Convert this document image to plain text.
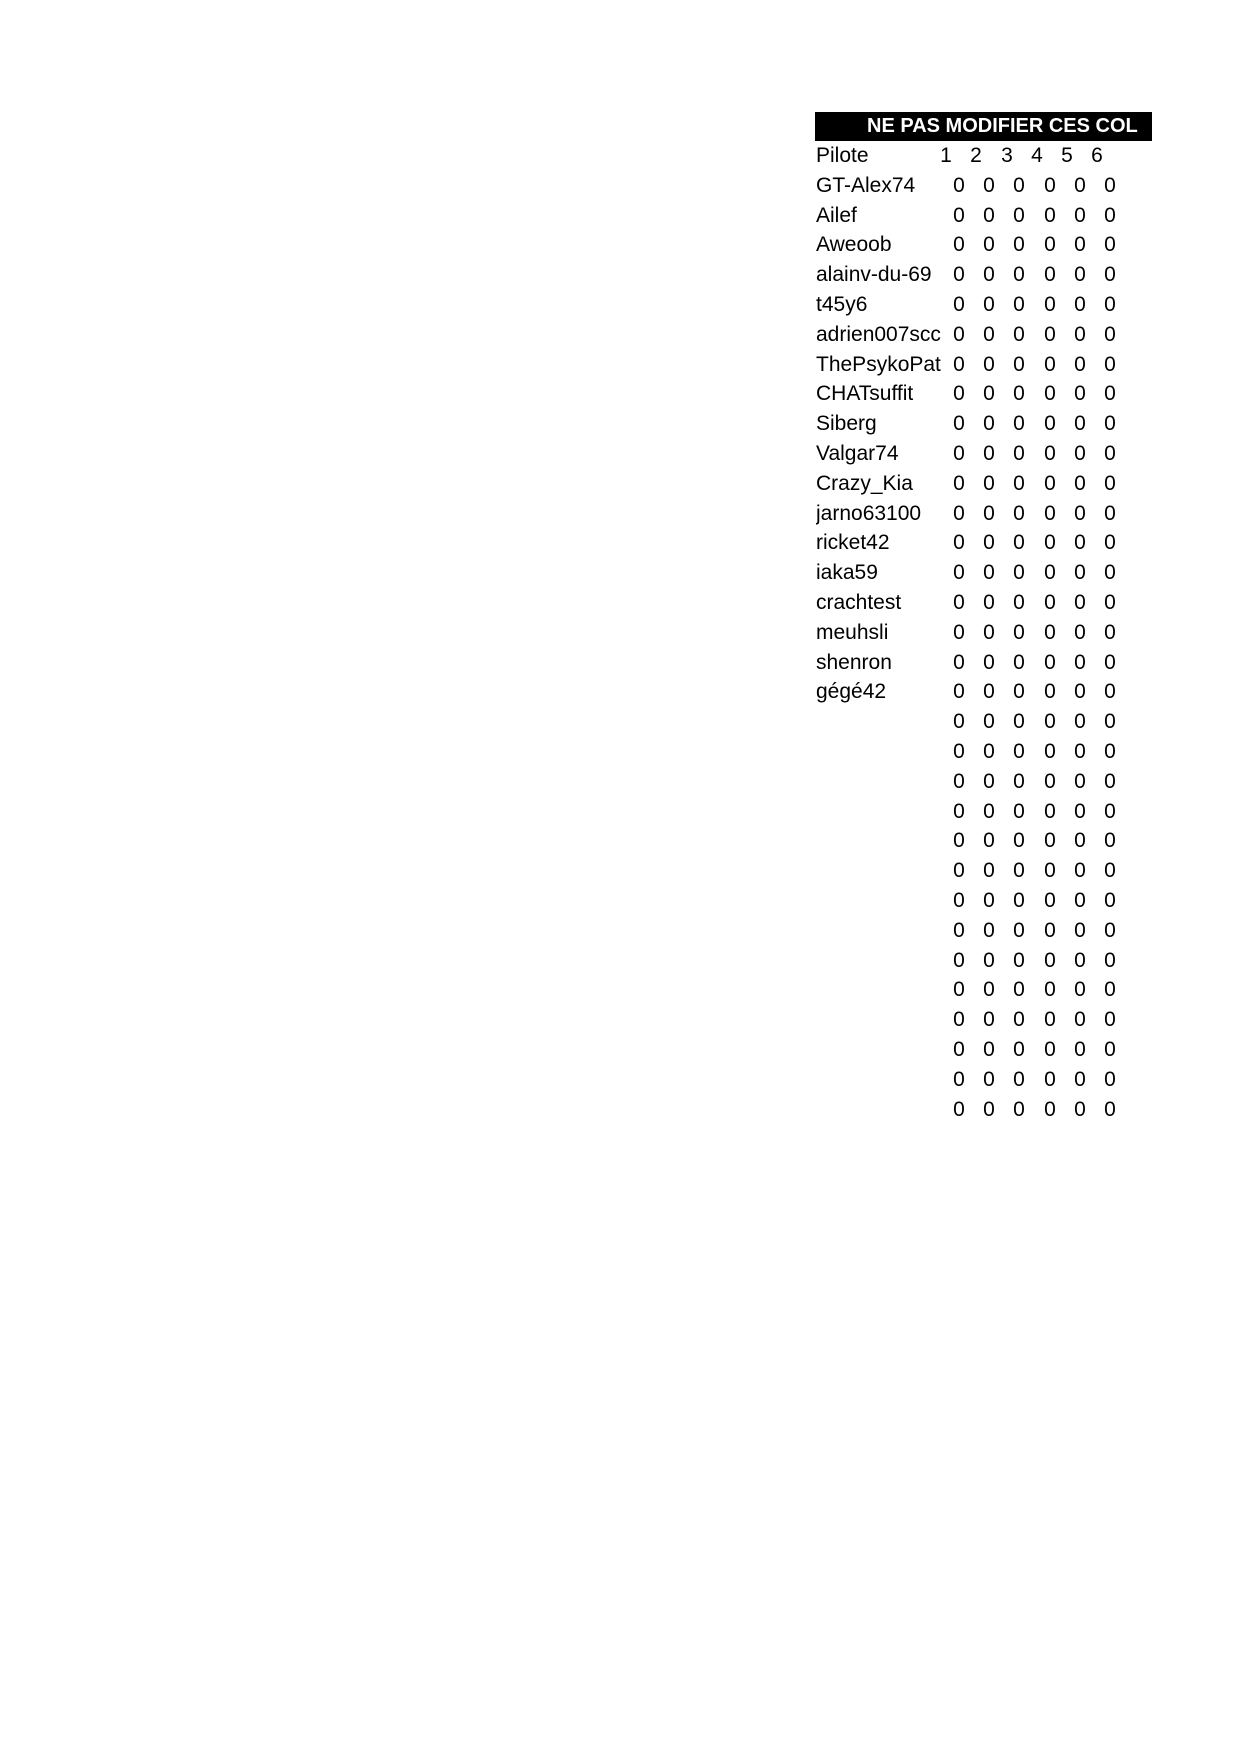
NE PAS MODIFIER CES COL
Pilote	1 2 3 4 5 6
GT-Alex74	0 0 0 0 0 0
Ailef	0 0 0 0 0 0
Aweoob	0 0 0 0 0 0
alainv-du-69	0 0 0 0 0 0
t45y6	0 0 0 0 0 0
adrien007scc 0 0 0 0 0 0
ThePsykoPat 0 0 0 0 0 0
CHATsuffit	0 0 0 0 0 0
Siberg	0 0 0 0 0 0
Valgar74	0 0 0 0 0 0
Crazy_Kia	0 0 0 0 0 0
jarno63100	0 0 0 0 0 0
ricket42	0 0 0 0 0 0
iaka59	0 0 0 0 0 0
crachtest	0 0 0 0 0 0
meuhsli	0 0 0 0 0 0
shenron	0 0 0 0 0 0
gégé42	0 0 0 0 0 0
0 0 0 0 0 0
0 0 0 0 0 0
0 0 0 0 0 0
0 0 0 0 0 0
0 0 0 0 0 0
0 0 0 0 0 0
0 0 0 0 0 0
0 0 0 0 0 0
0 0 0 0 0 0
0 0 0 0 0 0
0 0 0 0 0 0
0 0 0 0 0 0
0 0 0 0 0 0
0 0 0 0 0 0
